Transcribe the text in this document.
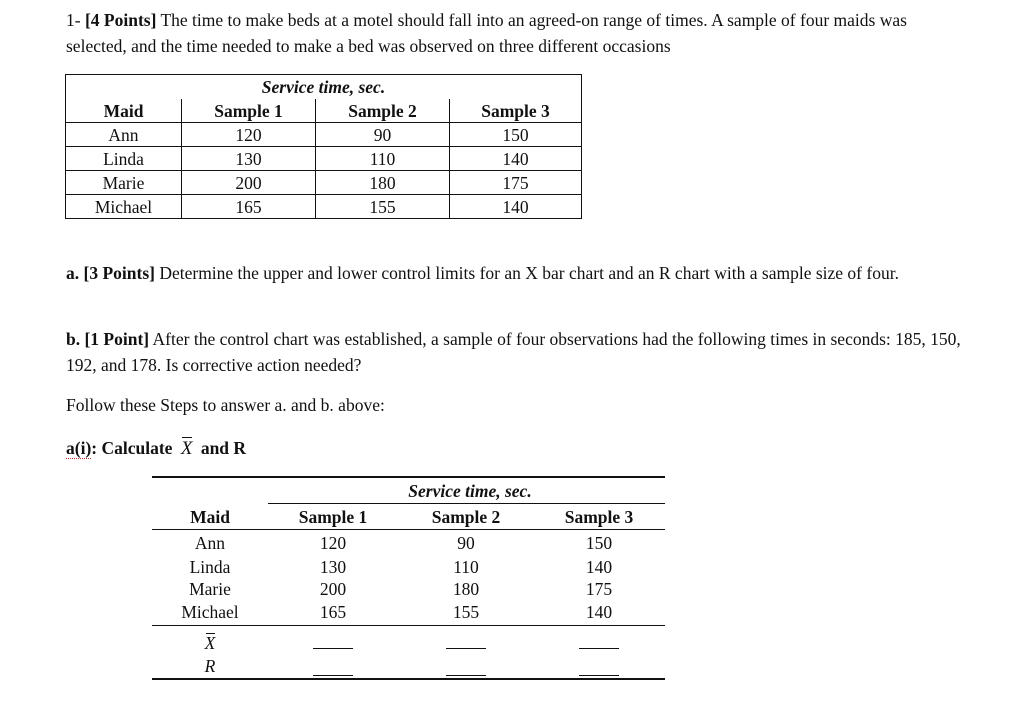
1- [4 Points] The time to make beds at a motel should fall into an agreed-on range of times. A sample of four maids was selected, and the time needed to make a bed was observed on three different occasions

Service time, sec.			
Maid	Sample 1	Sample 2	Sample 3
Ann	120	90	150
Linda	130	110	140
Marie	200	180	175
Michael	165	155	140

a. [3 Points] Determine the upper and lower control limits for an X bar chart and an R chart with a sample size of four.

b. [1 Point] After the control chart was established, a sample of four observations had the following times in seconds: 185, 150, 192, and 178. Is corrective action needed?

Follow these Steps to answer a. and b. above:

a(i): Calculate X and R

Service time, sec.
Maid	Sample 1	Sample 2	Sample 3
Ann	120	90	150
Linda	130	110	140
Marie	200	180	175
Michael	165	155	140
X
R
